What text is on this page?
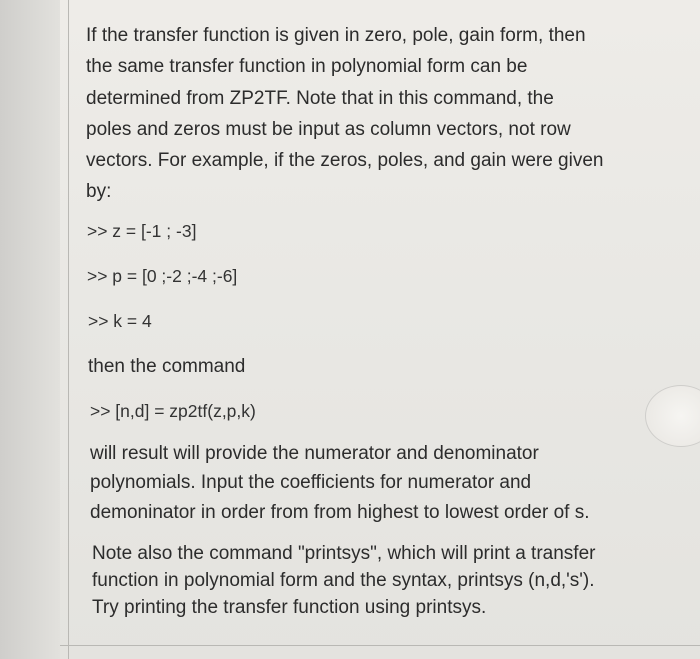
If the transfer function is given in zero, pole, gain form, then
the same transfer function in polynomial form can be
determined from ZP2TF. Note that in this command, the
poles and zeros must be input as column vectors, not row
vectors. For example, if the zeros, poles, and gain were given
by:
>> z = [-1 ; -3]
>> p = [0 ;-2 ;-4 ;-6]
>> k = 4
then the command
>> [n,d] = zp2tf(z,p,k)
will result will provide the numerator and denominator
polynomials. Input the coefficients for numerator and
demoninator in order from from highest to lowest order of s.
Note also the command "printsys", which will print a transfer
function in polynomial form and the syntax, printsys (n,d,'s').
Try printing the transfer function using printsys.
